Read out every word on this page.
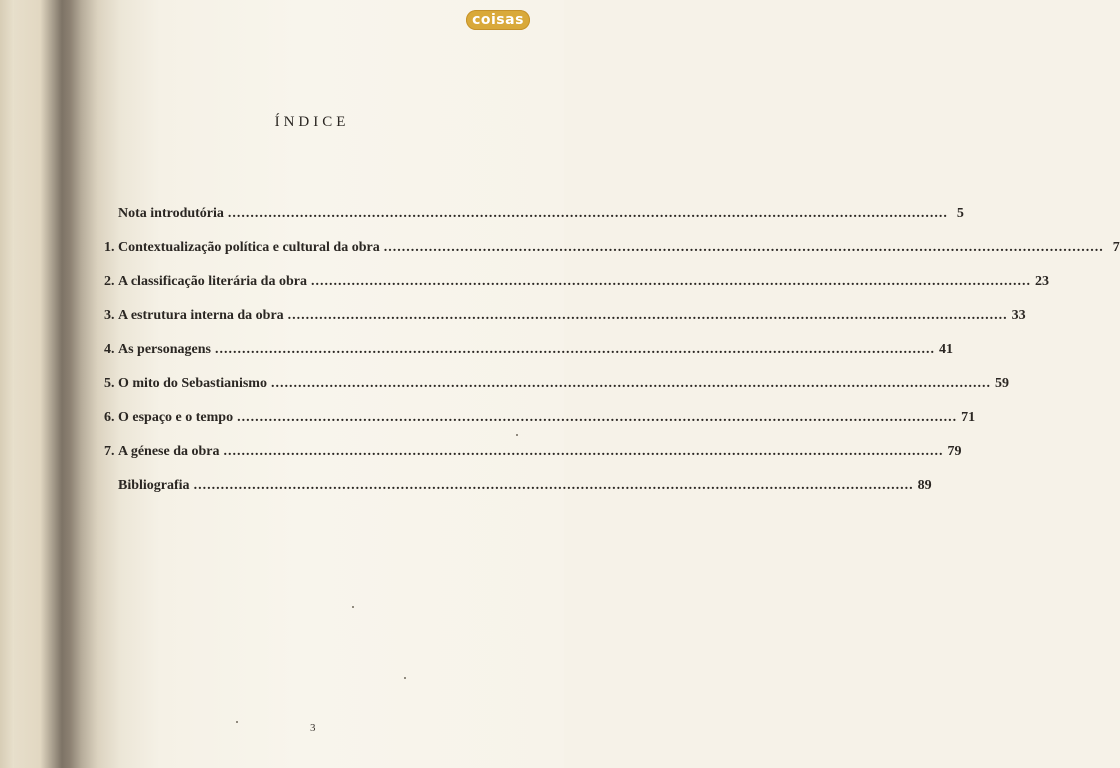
coisas
ÍNDICE
Nota introdutória ................................................................................................................................................................ 5
1. Contextualização política e cultural da obra ................................................................................................................................................................ 7
2. A classificação literária da obra ................................................................................................................................................................ 23
3. A estrutura interna da obra ................................................................................................................................................................ 33
4. As personagens ................................................................................................................................................................ 41
5. O mito do Sebastianismo ................................................................................................................................................................ 59
6. O espaço e o tempo ................................................................................................................................................................ 71
7. A génese da obra ................................................................................................................................................................ 79
Bibliografia ................................................................................................................................................................ 89
3
